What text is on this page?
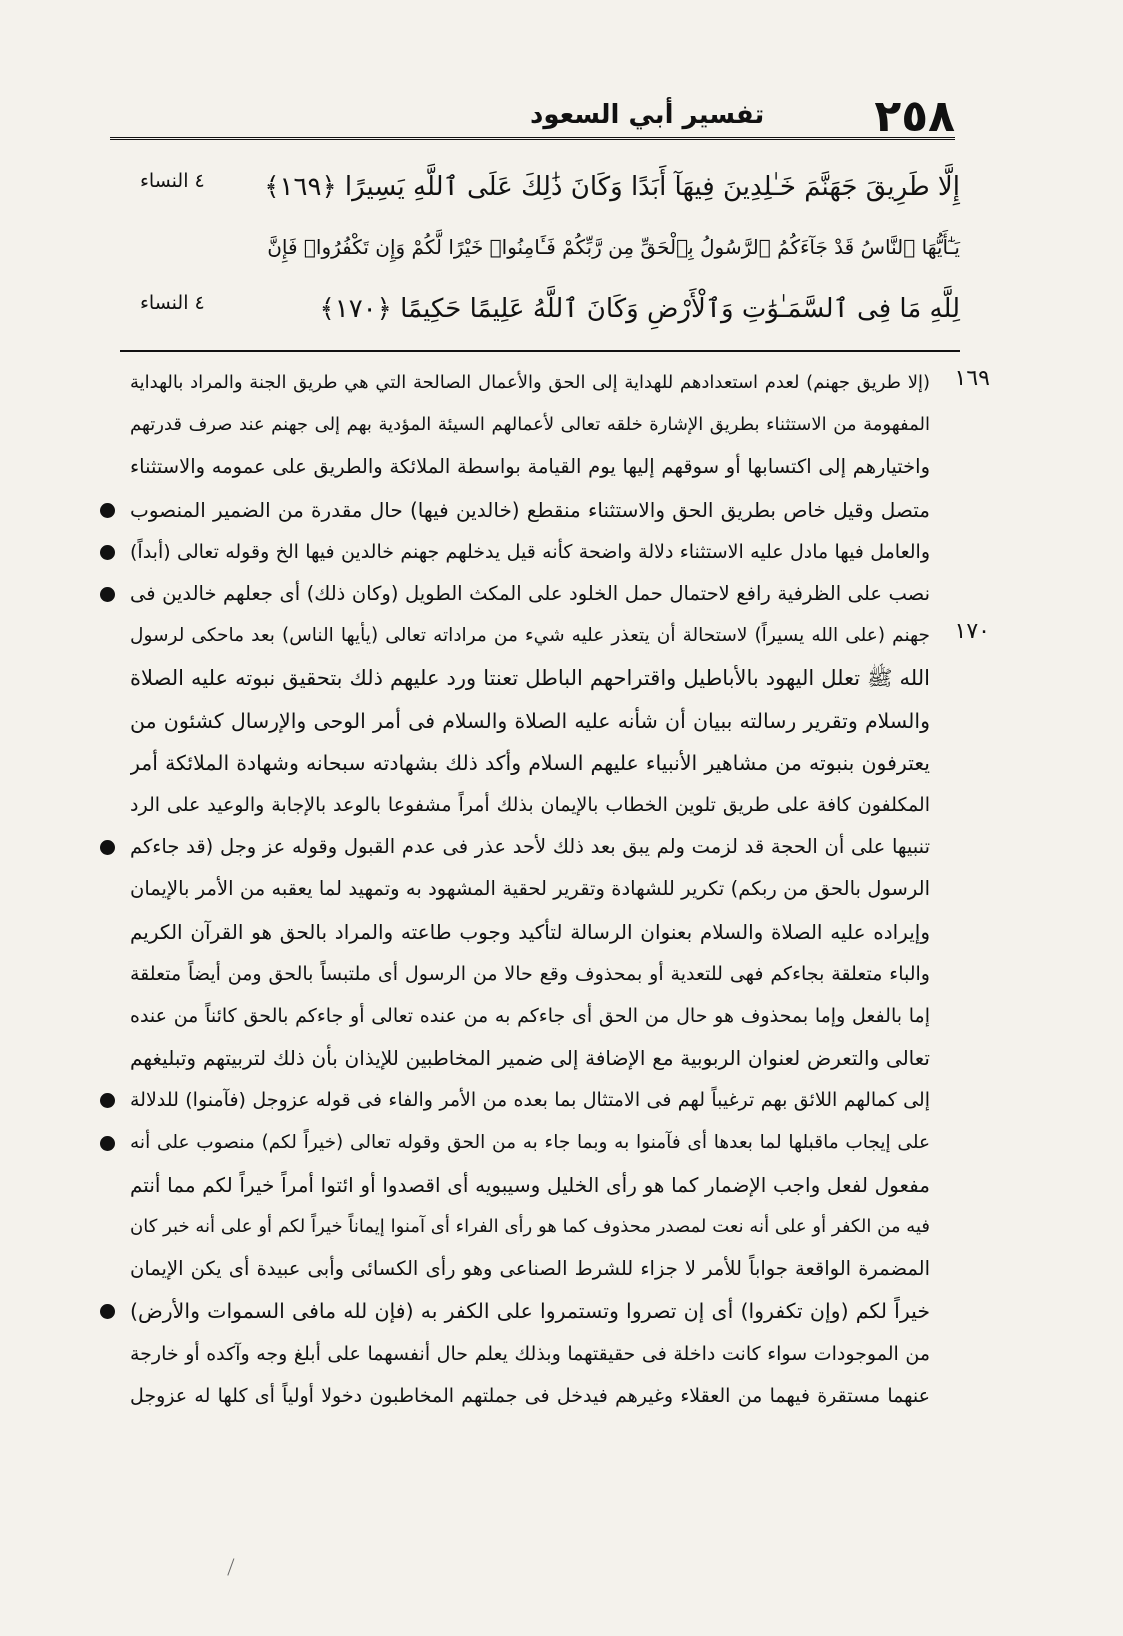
تفسير أبي السعود	٢٥٨
إِلَّا طَرِيقَ جَهَنَّمَ خَـٰلِدِينَ فِيهَآ أَبَدًا وَكَانَ ذَٰلِكَ عَلَى ٱللَّهِ يَسِيرًا ﴿١٦٩﴾
٤ النساء
يَـٰٓأَيُّهَا ٱلنَّاسُ قَدْ جَآءَكُمُ ٱلرَّسُولُ بِٱلْحَقِّ مِن رَّبِّكُمْ فَـَٔامِنُوا۟ خَيْرًا لَّكُمْ وَإِن تَكْفُرُوا۟ فَإِنَّ
لِلَّهِ مَا فِى ٱلسَّمَـٰوَٰتِ وَٱلْأَرْضِ وَكَانَ ٱللَّهُ عَلِيمًا حَكِيمًا ﴿١٧٠﴾
٤ النساء
١٦٩
(إلا طريق جهنم) لعدم استعدادهم للهداية إلى الحق والأعمال الصالحة التي هي طريق الجنة والمراد بالهداية
المفهومة من الاستثناء بطريق الإشارة خلقه تعالى لأعمالهم السيئة المؤدية بهم إلى جهنم عند صرف قدرتهم
واختيارهم إلى اكتسابها أو سوقهم إليها يوم القيامة بواسطة الملائكة والطريق على عمومه والاستثناء
متصل وقيل خاص بطريق الحق والاستثناء منقطع (خالدين فيها) حال مقدرة من الضمير المنصوب
والعامل فيها مادل عليه الاستثناء دلالة واضحة كأنه قيل يدخلهم جهنم خالدين فيها الخ وقوله تعالى (أبداً)
نصب على الظرفية رافع لاحتمال حمل الخلود على المكث الطويل (وكان ذلك) أى جعلهم خالدين فى
١٧٠
جهنم (على الله يسيراً) لاستحالة أن يتعذر عليه شيء من مراداته تعالى (يأيها الناس) بعد ماحكى لرسول
الله ﷺ تعلل اليهود بالأباطيل واقتراحهم الباطل تعنتا ورد عليهم ذلك بتحقيق نبوته عليه الصلاة
والسلام وتقرير رسالته ببيان أن شأنه عليه الصلاة والسلام فى أمر الوحى والإرسال كشئون من
يعترفون بنبوته من مشاهير الأنبياء عليهم السلام وأكد ذلك بشهادته سبحانه وشهادة الملائكة أمر
المكلفون كافة على طريق تلوين الخطاب بالإيمان بذلك أمراً مشفوعا بالوعد بالإجابة والوعيد على الرد
تنبيها على أن الحجة قد لزمت ولم يبق بعد ذلك لأحد عذر فى عدم القبول وقوله عز وجل (قد جاءكم
الرسول بالحق من ربكم) تكرير للشهادة وتقرير لحقية المشهود به وتمهيد لما يعقبه من الأمر بالإيمان
وإيراده عليه الصلاة والسلام بعنوان الرسالة لتأكيد وجوب طاعته والمراد بالحق هو القرآن الكريم
والباء متعلقة بجاءكم فهى للتعدية أو بمحذوف وقع حالا من الرسول أى ملتبساً بالحق ومن أيضاً متعلقة
إما بالفعل وإما بمحذوف هو حال من الحق أى جاءكم به من عنده تعالى أو جاءكم بالحق كائناً من عنده
تعالى والتعرض لعنوان الربوبية مع الإضافة إلى ضمير المخاطبين للإيذان بأن ذلك لتربيتهم وتبليغهم
إلى كمالهم اللائق بهم ترغيباً لهم فى الامتثال بما بعده من الأمر والفاء فى قوله عزوجل (فآمنوا) للدلالة
على إيجاب ماقبلها لما بعدها أى فآمنوا به وبما جاء به من الحق وقوله تعالى (خيراً لكم) منصوب على أنه
مفعول لفعل واجب الإضمار كما هو رأى الخليل وسيبويه أى اقصدوا أو ائتوا أمراً خيراً لكم مما أنتم
فيه من الكفر أو على أنه نعت لمصدر محذوف كما هو رأى الفراء أى آمنوا إيماناً خيراً لكم أو على أنه خبر كان
المضمرة الواقعة جواباً للأمر لا جزاء للشرط الصناعى وهو رأى الكسائى وأبى عبيدة أى يكن الإيمان
خيراً لكم (وإن تكفروا) أى إن تصروا وتستمروا على الكفر به (فإن لله مافى السموات والأرض)
من الموجودات سواء كانت داخلة فى حقيقتهما وبذلك يعلم حال أنفسهما على أبلغ وجه وآكده أو خارجة
عنهما مستقرة فيهما من العقلاء وغيرهم فيدخل فى جملتهم المخاطبون دخولا أولياً أى كلها له عزوجل
